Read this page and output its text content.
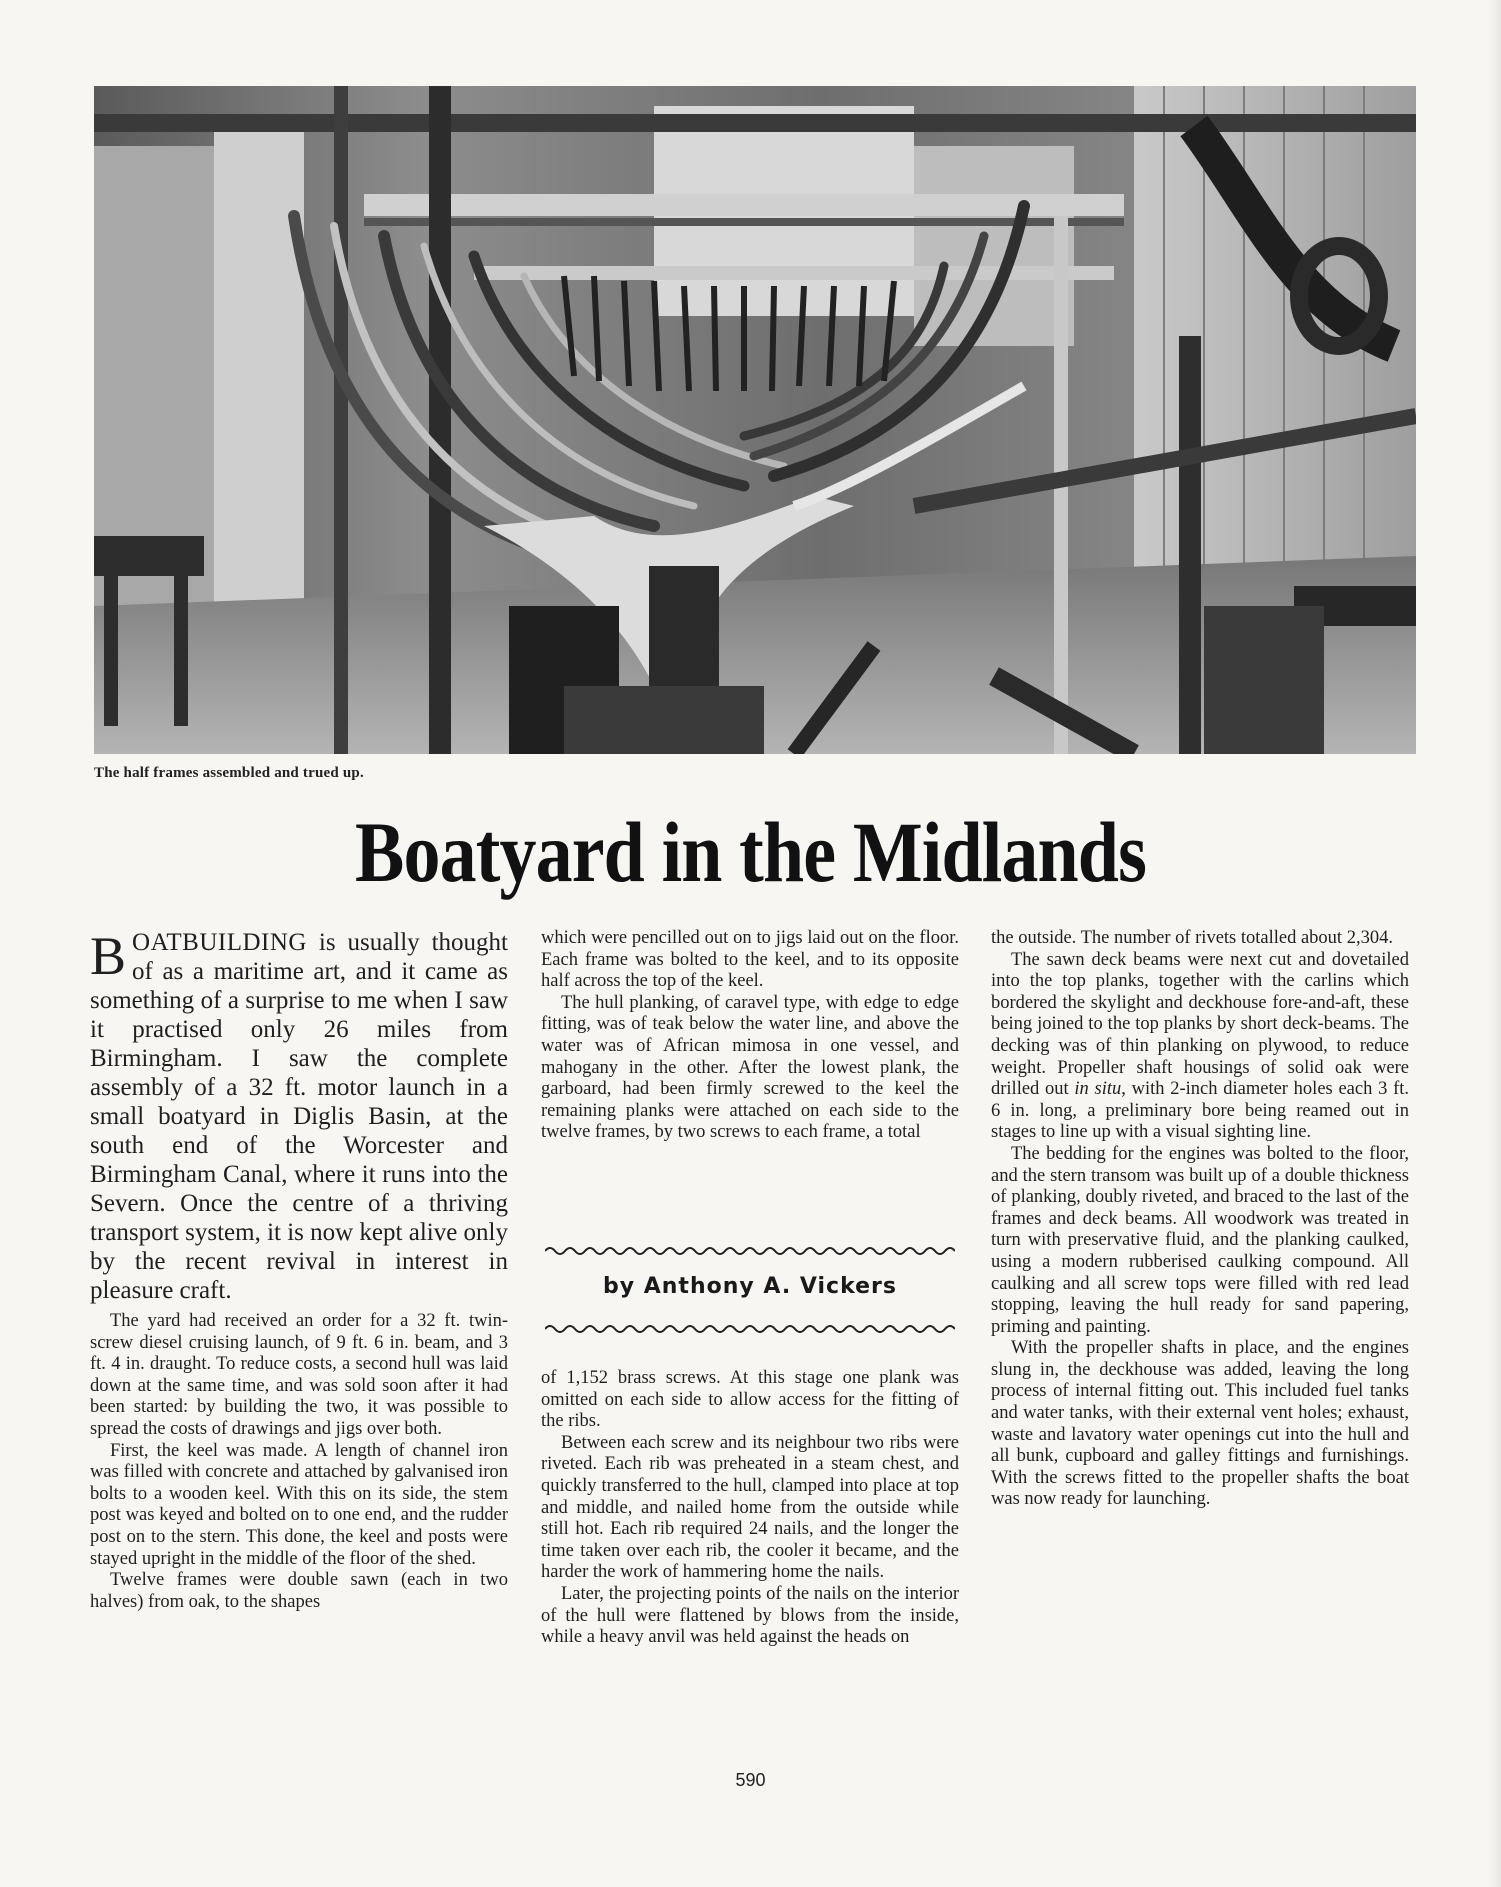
The half frames assembled and trued up.
Boatyard in the Midlands

BOATBUILDING is usually thought of as a maritime art, and it came as something of a surprise to me when I saw it practised only 26 miles from Birmingham. I saw the complete assembly of a 32 ft. motor launch in a small boatyard in Diglis Basin, at the south end of the Worcester and Birmingham Canal, where it runs into the Severn. Once the centre of a thriving transport system, it is now kept alive only by the recent revival in interest in pleasure craft.

The yard had received an order for a 32 ft. twin-screw diesel cruising launch, of 9 ft. 6 in. beam, and 3 ft. 4 in. draught. To reduce costs, a second hull was laid down at the same time, and was sold soon after it had been started: by building the two, it was possible to spread the costs of drawings and jigs over both.

First, the keel was made. A length of channel iron was filled with concrete and attached by galvanised iron bolts to a wooden keel. With this on its side, the stem post was keyed and bolted on to one end, and the rudder post on to the stern. This done, the keel and posts were stayed upright in the middle of the floor of the shed.

Twelve frames were double sawn (each in two halves) from oak, to the shapes

which were pencilled out on to jigs laid out on the floor. Each frame was bolted to the keel, and to its opposite half across the top of the keel.

The hull planking, of caravel type, with edge to edge fitting, was of teak below the water line, and above the water was of African mimosa in one vessel, and mahogany in the other. After the lowest plank, the garboard, had been firmly screwed to the keel the remaining planks were attached on each side to the twelve frames, by two screws to each frame, a total

by Anthony A. Vickers

of 1,152 brass screws. At this stage one plank was omitted on each side to allow access for the fitting of the ribs.

Between each screw and its neighbour two ribs were riveted. Each rib was preheated in a steam chest, and quickly transferred to the hull, clamped into place at top and middle, and nailed home from the outside while still hot. Each rib required 24 nails, and the longer the time taken over each rib, the cooler it became, and the harder the work of hammering home the nails.

Later, the projecting points of the nails on the interior of the hull were flattened by blows from the inside, while a heavy anvil was held against the heads on

the outside. The number of rivets totalled about 2,304.

The sawn deck beams were next cut and dovetailed into the top planks, together with the carlins which bordered the skylight and deckhouse fore-and-aft, these being joined to the top planks by short deck-beams. The decking was of thin planking on plywood, to reduce weight. Propeller shaft housings of solid oak were drilled out in situ, with 2-inch diameter holes each 3 ft. 6 in. long, a preliminary bore being reamed out in stages to line up with a visual sighting line.

The bedding for the engines was bolted to the floor, and the stern transom was built up of a double thickness of planking, doubly riveted, and braced to the last of the frames and deck beams. All woodwork was treated in turn with preservative fluid, and the planking caulked, using a modern rubberised caulking compound. All caulking and all screw tops were filled with red lead stopping, leaving the hull ready for sand papering, priming and painting.

With the propeller shafts in place, and the engines slung in, the deckhouse was added, leaving the long process of internal fitting out. This included fuel tanks and water tanks, with their external vent holes; exhaust, waste and lavatory water openings cut into the hull and all bunk, cupboard and galley fittings and furnishings. With the screws fitted to the propeller shafts the boat was now ready for launching.

590
